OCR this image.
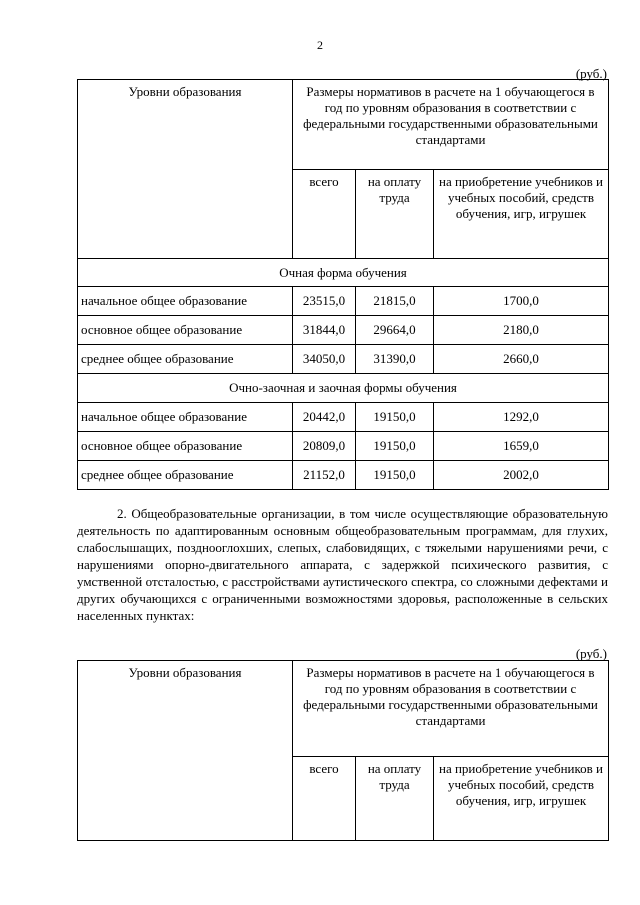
2
(руб.)
Уровни образования	Размеры нормативов в расчете на 1 обучающегося в год по уровням образования в соответствии с федеральными государственными образовательными стандартами		
	всего	на оплату труда	на приобретение учебников и учебных пособий, средств обучения, игр, игрушек
Очная форма обучения			
начальное общее образование	23515,0	21815,0	1700,0
основное общее образование	31844,0	29664,0	2180,0
среднее общее образование	34050,0	31390,0	2660,0
Очно-заочная и заочная формы обучения			
начальное общее образование	20442,0	19150,0	1292,0
основное общее образование	20809,0	19150,0	1659,0
среднее общее образование	21152,0	19150,0	2002,0
2. Общеобразовательные организации, в том числе осуществляющие образовательную деятельность по адаптированным основным общеобразовательным программам, для глухих, слабослышащих, позднооглохших, слепых, слабовидящих, с тяжелыми нарушениями речи, с нарушениями опорно-двигательного аппарата, с задержкой психического развития, с умственной отсталостью, с расстройствами аутистического спектра, со сложными дефектами и других обучающихся с ограниченными возможностями здоровья, расположенные в сельских населенных пунктах:
(руб.)
Уровни образования	Размеры нормативов в расчете на 1 обучающегося в год по уровням образования в соответствии с федеральными государственными образовательными стандартами		
	всего	на оплату труда	на приобретение учебников и учебных пособий, средств обучения, игр, игрушек
